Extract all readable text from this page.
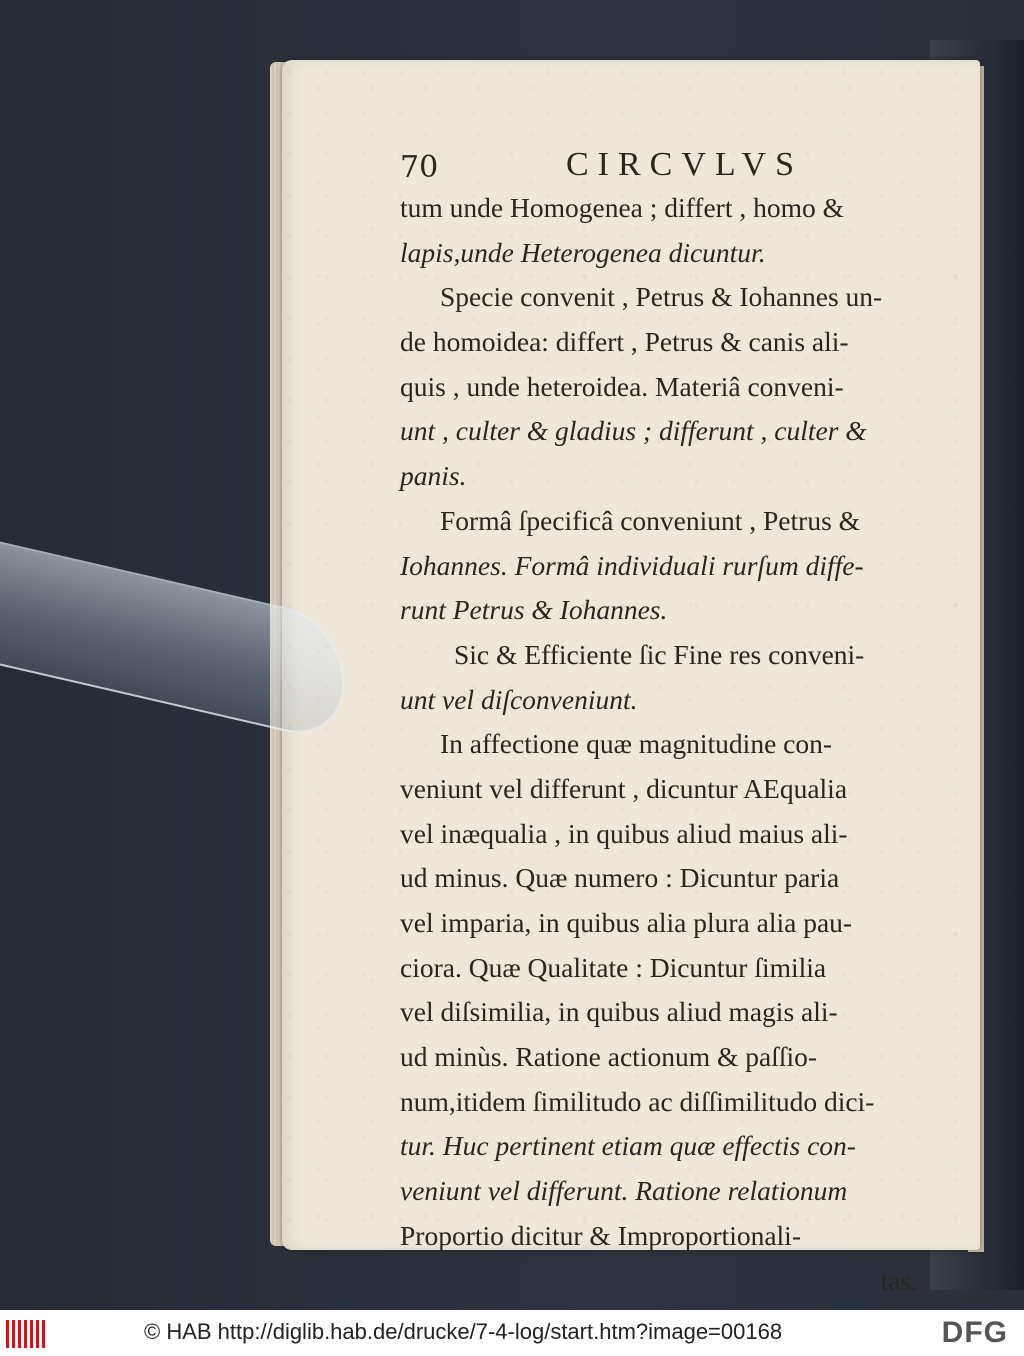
70	CIRCVLVS
tum unde Homogenea ; differt , homo &
lapis,unde Heterogenea dicuntur.
Specie convenit , Petrus & Iohannes un-
de homoidea: differt , Petrus & canis ali-
quis , unde heteroidea. Materiâ conveni-
unt , culter & gladius ; differunt , culter &
panis.
Formâ ſpecificâ conveniunt , Petrus &
Iohannes. Formâ individuali rurſum diffe-
runt Petrus & Iohannes.
Sic & Efficiente ſic Fine res conveni-
unt vel diſconveniunt.
In affectione quæ magnitudine con-
veniunt vel differunt , dicuntur AEqualia
vel inæqualia , in quibus aliud maius ali-
ud minus. Quæ numero : Dicuntur paria
vel imparia, in quibus alia plura alia pau-
ciora. Quæ Qualitate : Dicuntur ſimilia
vel diſsimilia, in quibus aliud magis ali-
ud minùs. Ratione actionum & paſſio-
num,itidem ſimilitudo ac diſſimilitudo dici-
tur. Huc pertinent etiam quæ effectis con-
veniunt vel differunt. Ratione relationum
Proportio dicitur & Improportionali-
tas.
© HAB http://diglib.hab.de/drucke/7-4-log/start.htm?image=00168	DFG
